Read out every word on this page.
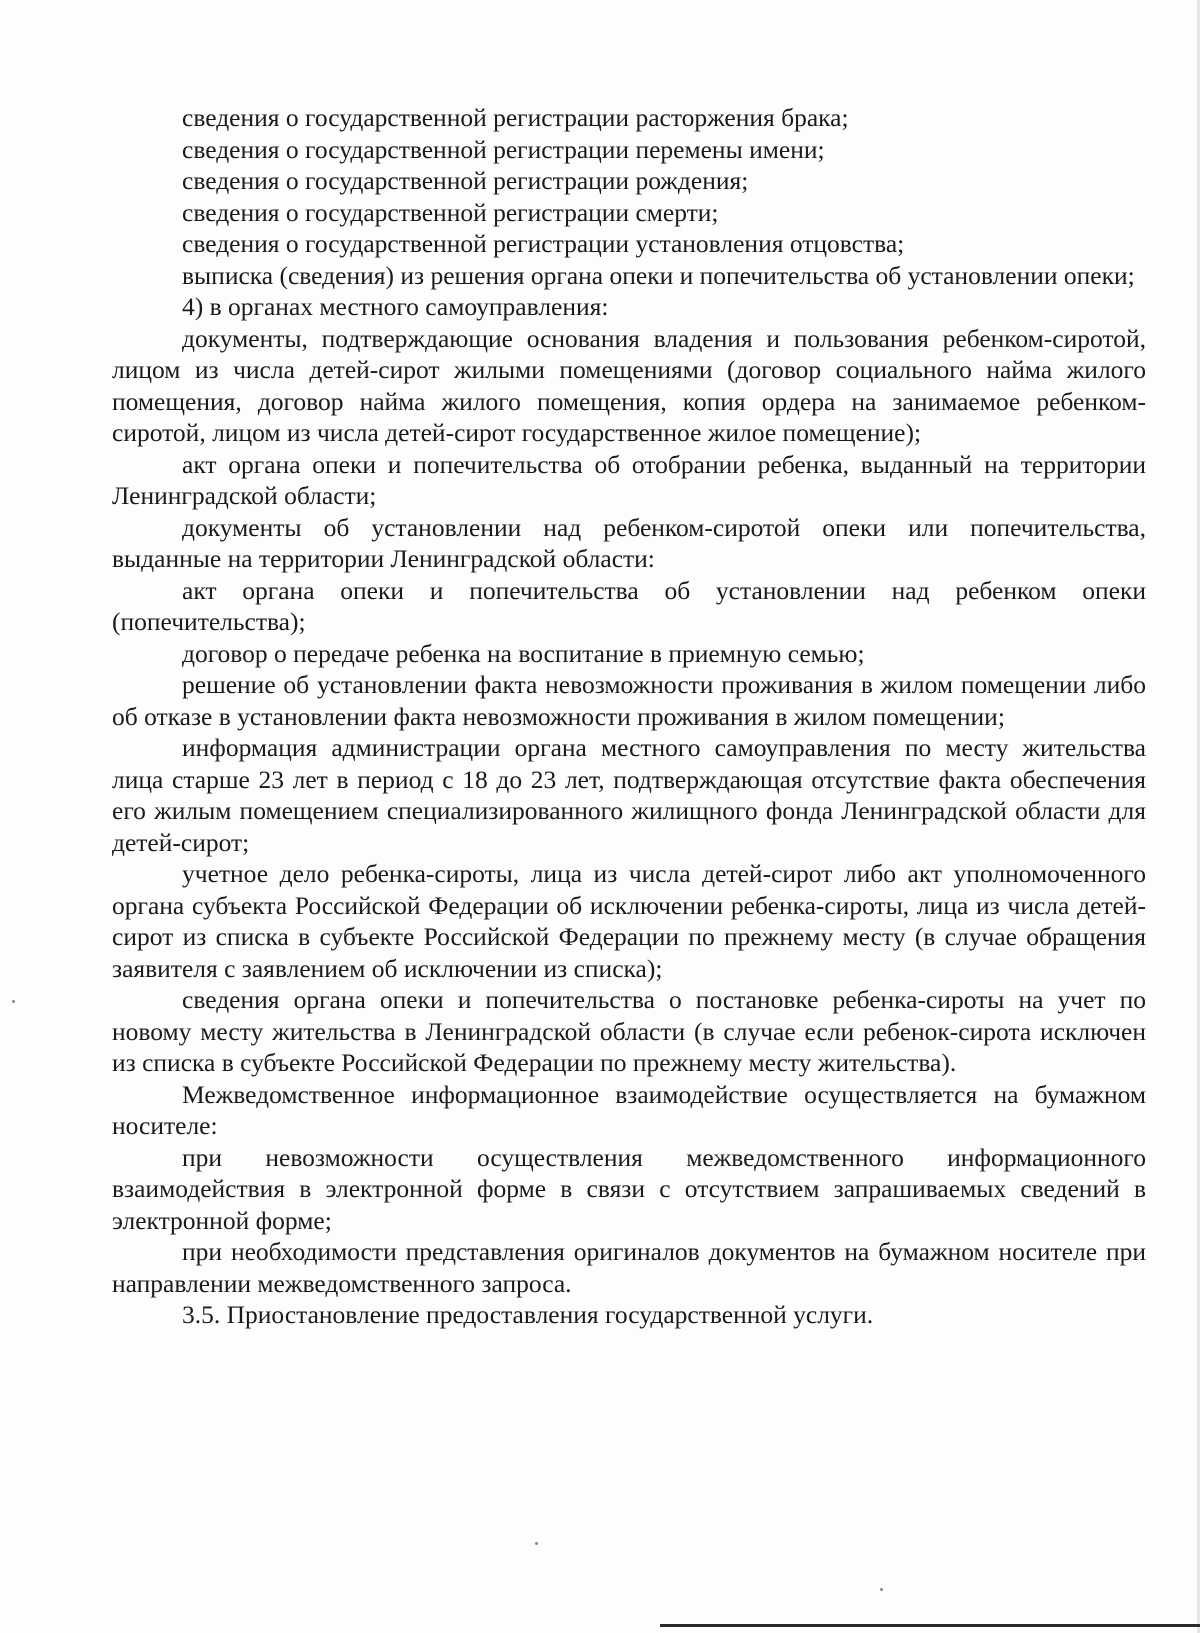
сведения о государственной регистрации расторжения брака;

сведения о государственной регистрации перемены имени;

сведения о государственной регистрации рождения;

сведения о государственной регистрации смерти;

сведения о государственной регистрации установления отцовства;

выписка (сведения) из решения органа опеки и попечительства об установлении опеки;

4) в органах местного самоуправления:

документы, подтверждающие основания владения и пользования ребенком-сиротой, лицом из числа детей-сирот жилыми помещениями (договор социального найма жилого помещения, договор найма жилого помещения, копия ордера на занимаемое ребенком-сиротой, лицом из числа детей-сирот государственное жилое помещение);

акт органа опеки и попечительства об отобрании ребенка, выданный на территории Ленинградской области;

документы об установлении над ребенком-сиротой опеки или попечительства, выданные на территории Ленинградской области:

акт органа опеки и попечительства об установлении над ребенком опеки (попечительства);

договор о передаче ребенка на воспитание в приемную семью;

решение об установлении факта невозможности проживания в жилом помещении либо об отказе в установлении факта невозможности проживания в жилом помещении;

информация администрации органа местного самоуправления по месту жительства лица старше 23 лет в период с 18 до 23 лет, подтверждающая отсутствие факта обеспечения его жилым помещением специализированного жилищного фонда Ленинградской области для детей-сирот;

учетное дело ребенка-сироты, лица из числа детей-сирот либо акт уполномоченного органа субъекта Российской Федерации об исключении ребенка-сироты, лица из числа детей-сирот из списка в субъекте Российской Федерации по прежнему месту (в случае обращения заявителя с заявлением об исключении из списка);

сведения органа опеки и попечительства о постановке ребенка-сироты на учет по новому месту жительства в Ленинградской области (в случае если ребенок-сирота исключен из списка в субъекте Российской Федерации по прежнему месту жительства).

Межведомственное информационное взаимодействие осуществляется на бумажном носителе:

при невозможности осуществления межведомственного информационного взаимодействия в электронной форме в связи с отсутствием запрашиваемых сведений в электронной форме;

при необходимости представления оригиналов документов на бумажном носителе при направлении межведомственного запроса.

3.5. Приостановление предоставления государственной услуги.
